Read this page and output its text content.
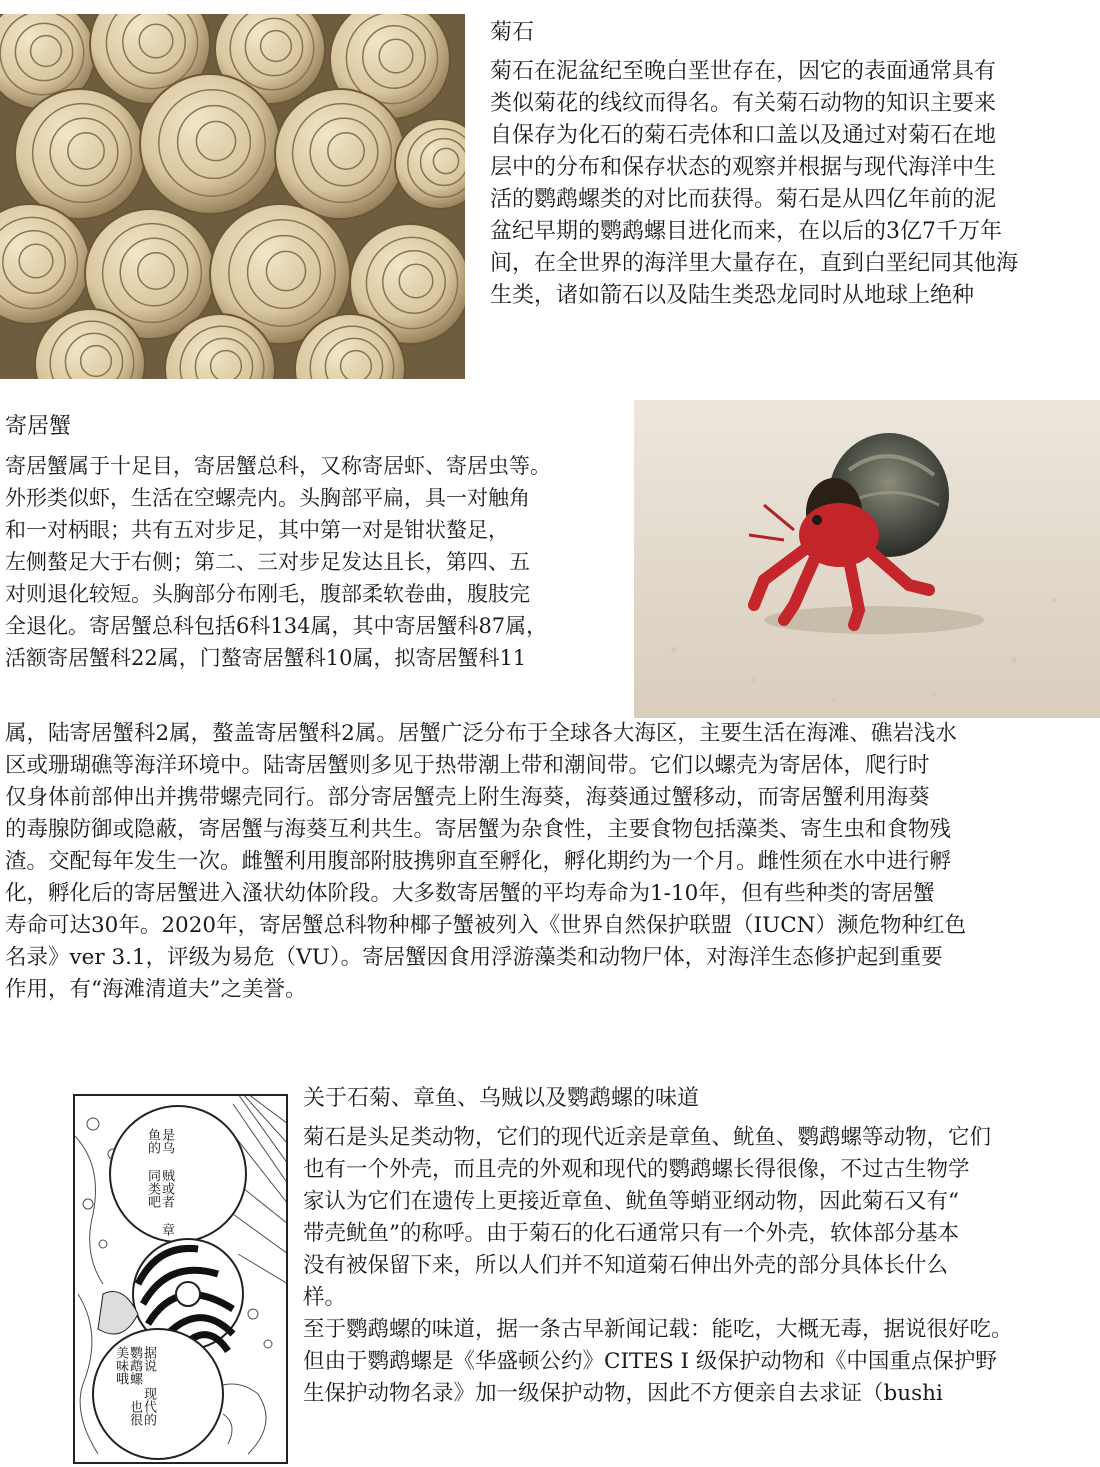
菊石
菊石在泥盆纪至晚白垩世存在，因它的表面通常具有
类似菊花的线纹而得名。有关菊石动物的知识主要来
自保存为化石的菊石壳体和口盖以及通过对菊石在地
层中的分布和保存状态的观察并根据与现代海洋中生
活的鹦鹉螺类的对比而获得。菊石是从四亿年前的泥
盆纪早期的鹦鹉螺目进化而来，在以后的3亿7千万年
间，在全世界的海洋里大量存在，直到白垩纪同其他海
生类，诸如箭石以及陆生类恐龙同时从地球上绝种
寄居蟹
寄居蟹属于十足目，寄居蟹总科，又称寄居虾、寄居虫等。
外形类似虾，生活在空螺壳内。头胸部平扁，具一对触角
和一对柄眼；共有五对步足，其中第一对是钳状螯足，
左侧螯足大于右侧；第二、三对步足发达且长，第四、五
对则退化较短。头胸部分布刚毛，腹部柔软卷曲，腹肢完
全退化。寄居蟹总科包括6科134属，其中寄居蟹科87属，
活额寄居蟹科22属，门螯寄居蟹科10属，拟寄居蟹科11
属，陆寄居蟹科2属，螯盖寄居蟹科2属。居蟹广泛分布于全球各大海区，主要生活在海滩、礁岩浅水
区或珊瑚礁等海洋环境中。陆寄居蟹则多见于热带潮上带和潮间带。它们以螺壳为寄居体，爬行时
仅身体前部伸出并携带螺壳同行。部分寄居蟹壳上附生海葵，海葵通过蟹移动，而寄居蟹利用海葵
的毒腺防御或隐蔽，寄居蟹与海葵互利共生。寄居蟹为杂食性，主要食物包括藻类、寄生虫和食物残
渣。交配每年发生一次。雌蟹利用腹部附肢携卵直至孵化，孵化期约为一个月。雌性须在水中进行孵
化，孵化后的寄居蟹进入溞状幼体阶段。大多数寄居蟹的平均寿命为1-10年，但有些种类的寄居蟹
寿命可达30年。2020年，寄居蟹总科物种椰子蟹被列入《世界自然保护联盟（IUCN）濒危物种红色
名录》ver 3.1，评级为易危（VU）。寄居蟹因食用浮游藻类和动物尸体，对海洋生态修护起到重要
作用，有“海滩清道夫”之美誉。
是乌 贼或者 章鱼的 同类吧
据说 现代的 鹦鹉螺 也很 美味哦
关于石菊、章鱼、乌贼以及鹦鹉螺的味道
菊石是头足类动物，它们的现代近亲是章鱼、鱿鱼、鹦鹉螺等动物，它们
也有一个外壳，而且壳的外观和现代的鹦鹉螺长得很像，不过古生物学
家认为它们在遗传上更接近章鱼、鱿鱼等蛸亚纲动物，因此菊石又有“
带壳鱿鱼”的称呼。由于菊石的化石通常只有一个外壳，软体部分基本
没有被保留下来，所以人们并不知道菊石伸出外壳的部分具体长什么
样。
至于鹦鹉螺的味道，据一条古早新闻记载：能吃，大概无毒，据说很好吃。
但由于鹦鹉螺是《华盛顿公约》CITES I 级保护动物和《中国重点保护野
生保护动物名录》加一级保护动物，因此不方便亲自去求证（bushi
